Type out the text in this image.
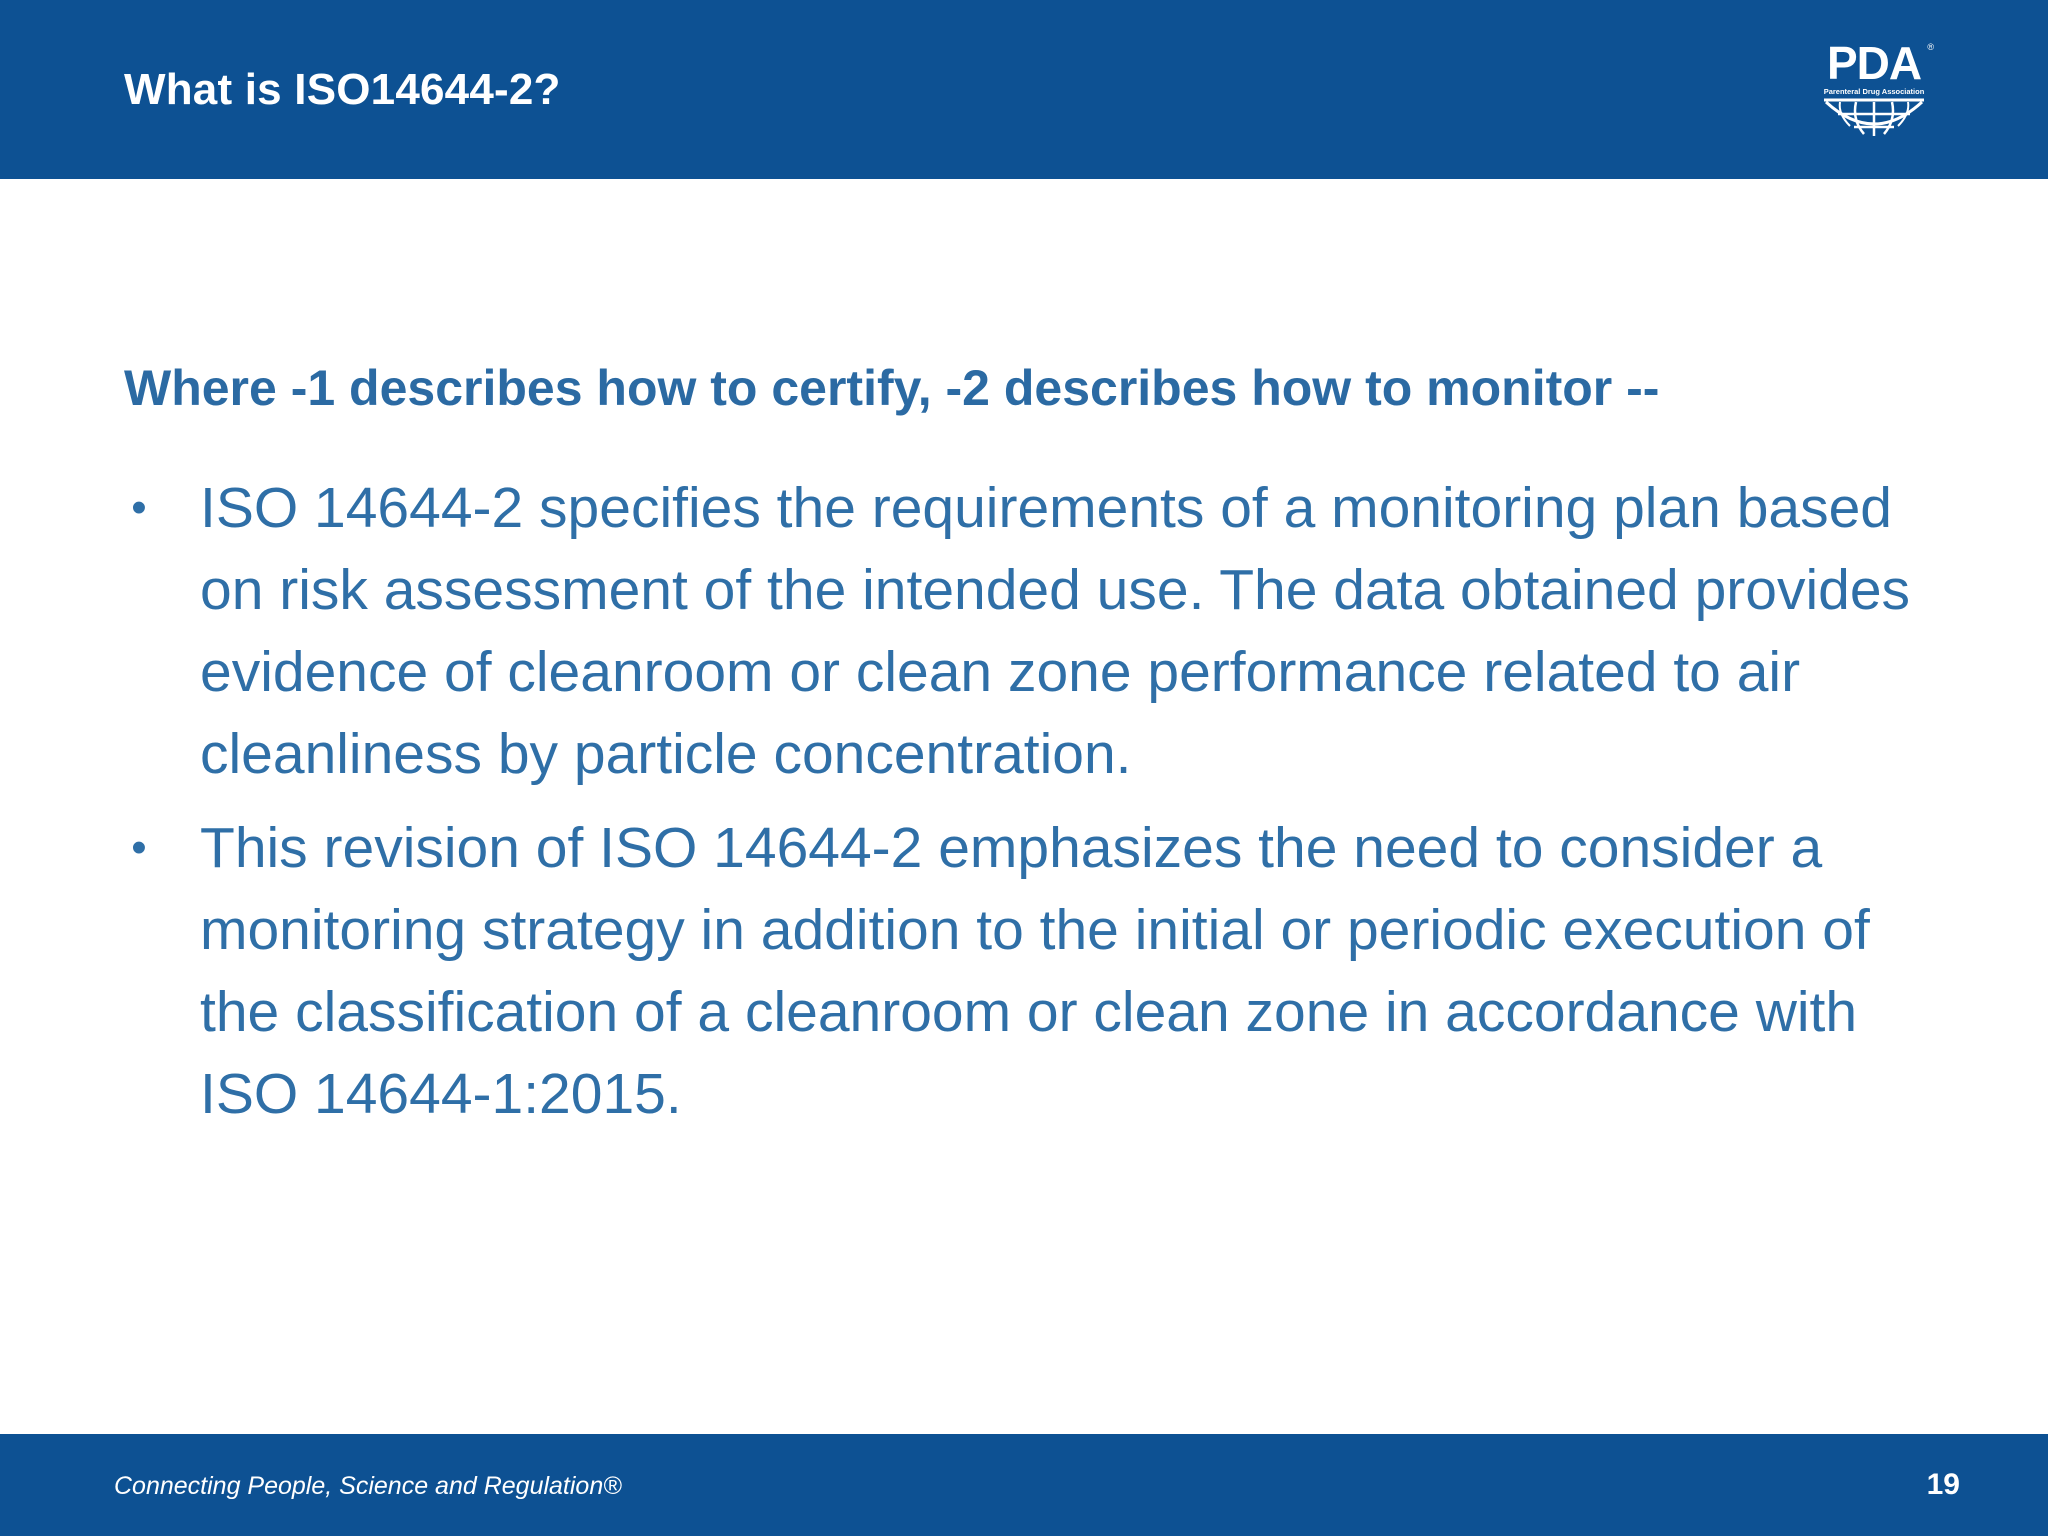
What is ISO14644-2?
PDA ®
Parenteral Drug Association
Where -1 describes how to certify, -2 describes how to monitor --
• ISO 14644-2 specifies the requirements of a monitoring plan based on risk assessment of the intended use. The data obtained provides evidence of cleanroom or clean zone performance related to air cleanliness by particle concentration.
• This revision of ISO 14644-2 emphasizes the need to consider a monitoring strategy in addition to the initial or periodic execution of the classification of a cleanroom or clean zone in accordance with ISO 14644-1:2015.
Connecting People, Science and Regulation®	19
